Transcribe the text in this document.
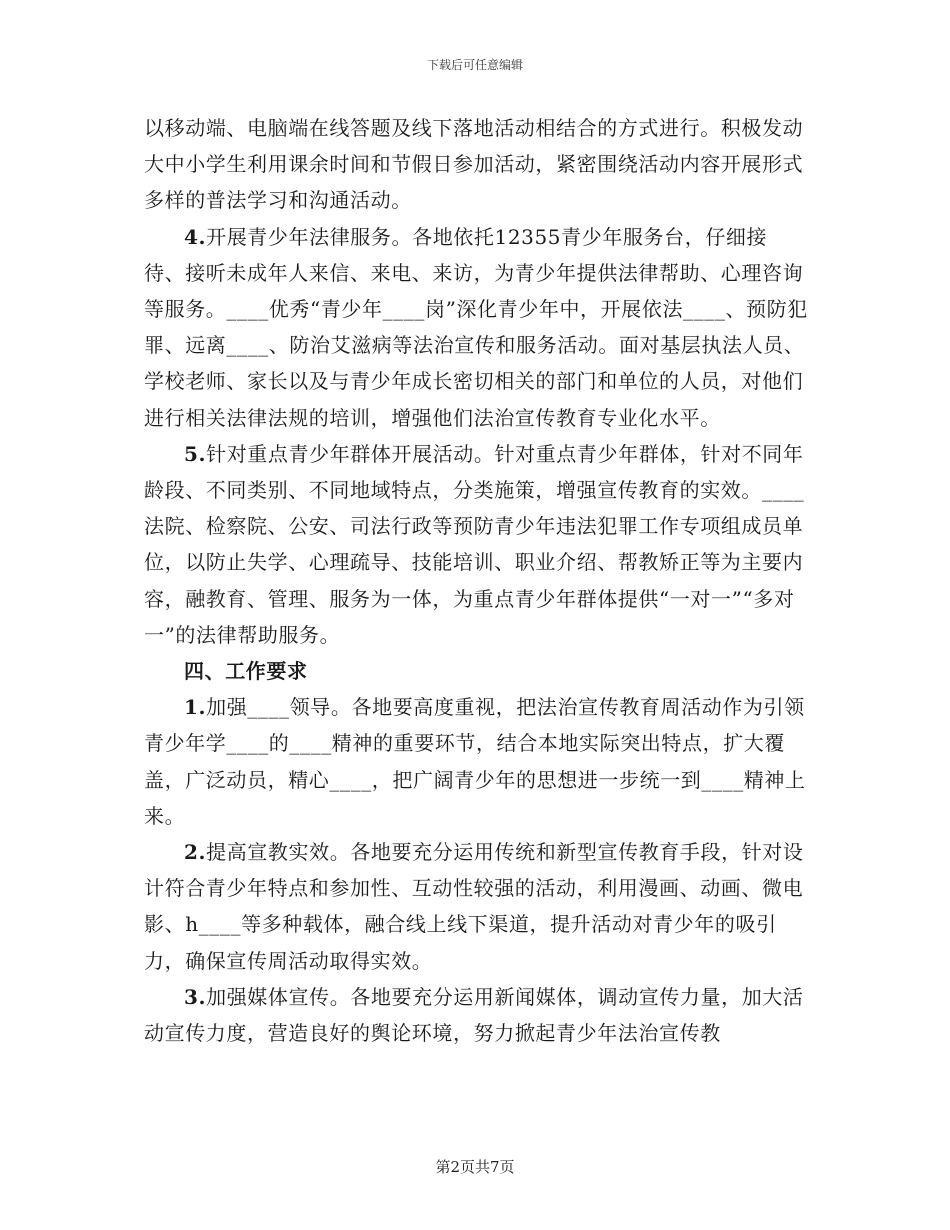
下载后可任意编辑

以移动端、电脑端在线答题及线下落地活动相结合的方式进行。积极发动大中小学生利用课余时间和节假日参加活动，紧密围绕活动内容开展形式多样的普法学习和沟通活动。

4.开展青少年法律服务。各地依托12355青少年服务台，仔细接待、接听未成年人来信、来电、来访，为青少年提供法律帮助、心理咨询等服务。____优秀“青少年____岗”深化青少年中，开展依法____、预防犯罪、远离____、防治艾滋病等法治宣传和服务活动。面对基层执法人员、学校老师、家长以及与青少年成长密切相关的部门和单位的人员，对他们进行相关法律法规的培训，增强他们法治宣传教育专业化水平。

5.针对重点青少年群体开展活动。针对重点青少年群体，针对不同年龄段、不同类别、不同地域特点，分类施策，增强宣传教育的实效。____法院、检察院、公安、司法行政等预防青少年违法犯罪工作专项组成员单位，以防止失学、心理疏导、技能培训、职业介绍、帮教矫正等为主要内容，融教育、管理、服务为一体，为重点青少年群体提供“一对一”“多对一”的法律帮助服务。

四、工作要求

1.加强____领导。各地要高度重视，把法治宣传教育周活动作为引领青少年学____的____精神的重要环节，结合本地实际突出特点，扩大覆盖，广泛动员，精心____，把广阔青少年的思想进一步统一到____精神上来。

2.提高宣教实效。各地要充分运用传统和新型宣传教育手段，针对设计符合青少年特点和参加性、互动性较强的活动，利用漫画、动画、微电影、h____等多种载体，融合线上线下渠道，提升活动对青少年的吸引力，确保宣传周活动取得实效。

3.加强媒体宣传。各地要充分运用新闻媒体，调动宣传力量，加大活动宣传力度，营造良好的舆论环境，努力掀起青少年法治宣传教

第2页共7页
